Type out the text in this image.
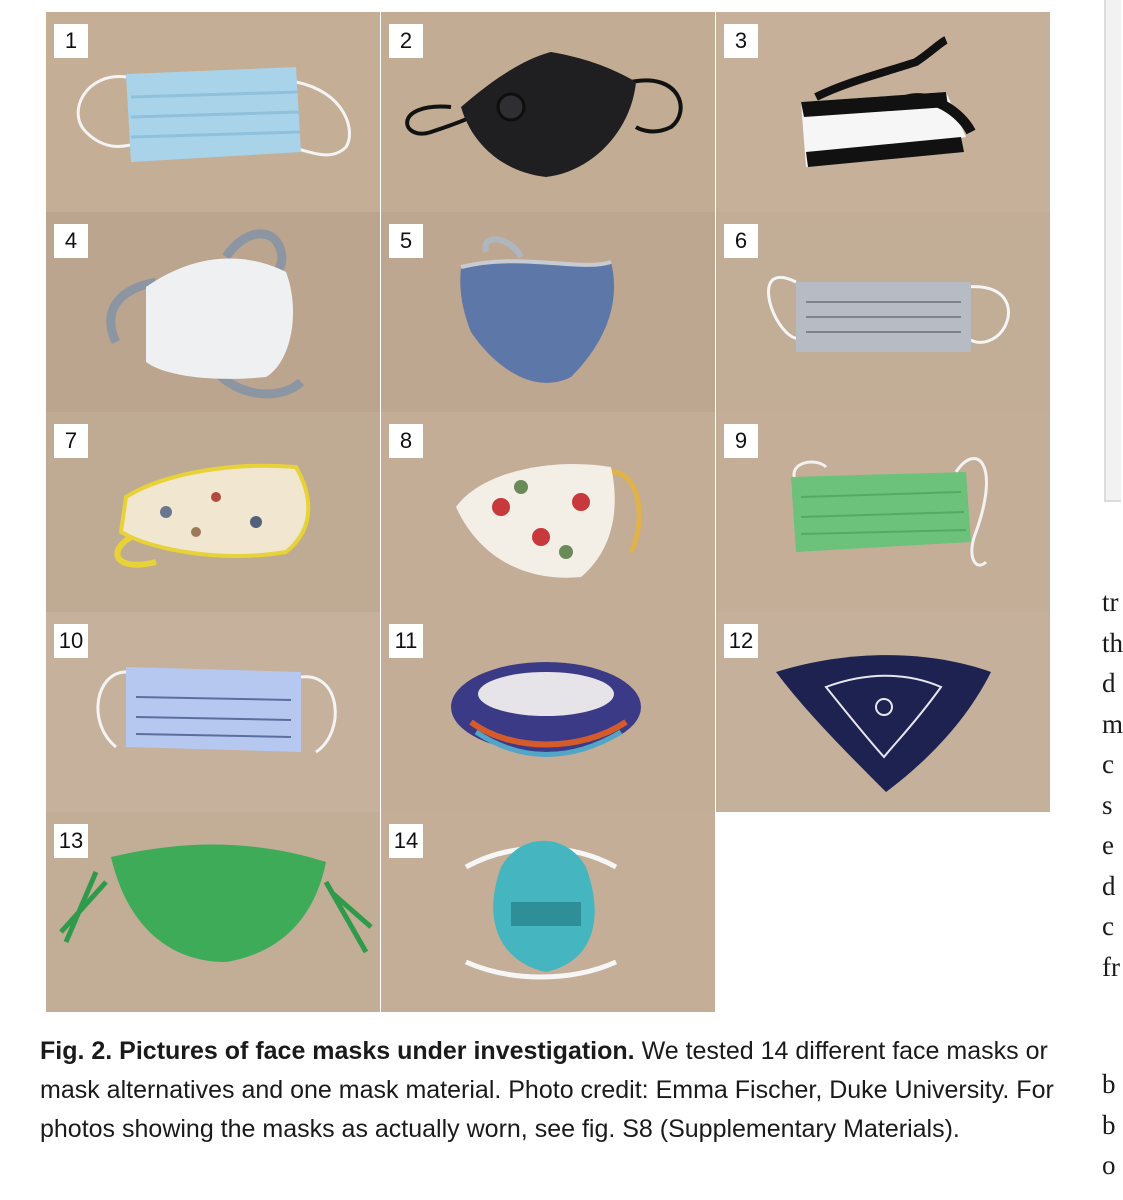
1	2	3
4	5	6
7	8	9
10	11	12
13	14
tr
th
d
m
c
s
e
d
c
fr
b
b
o
Fig. 2. Pictures of face masks under investigation. We tested 14 different face masks or mask alternatives and one mask material. Photo credit: Emma Fischer, Duke University. For photos showing the masks as actually worn, see fig. S8 (Supplementary Materials).
